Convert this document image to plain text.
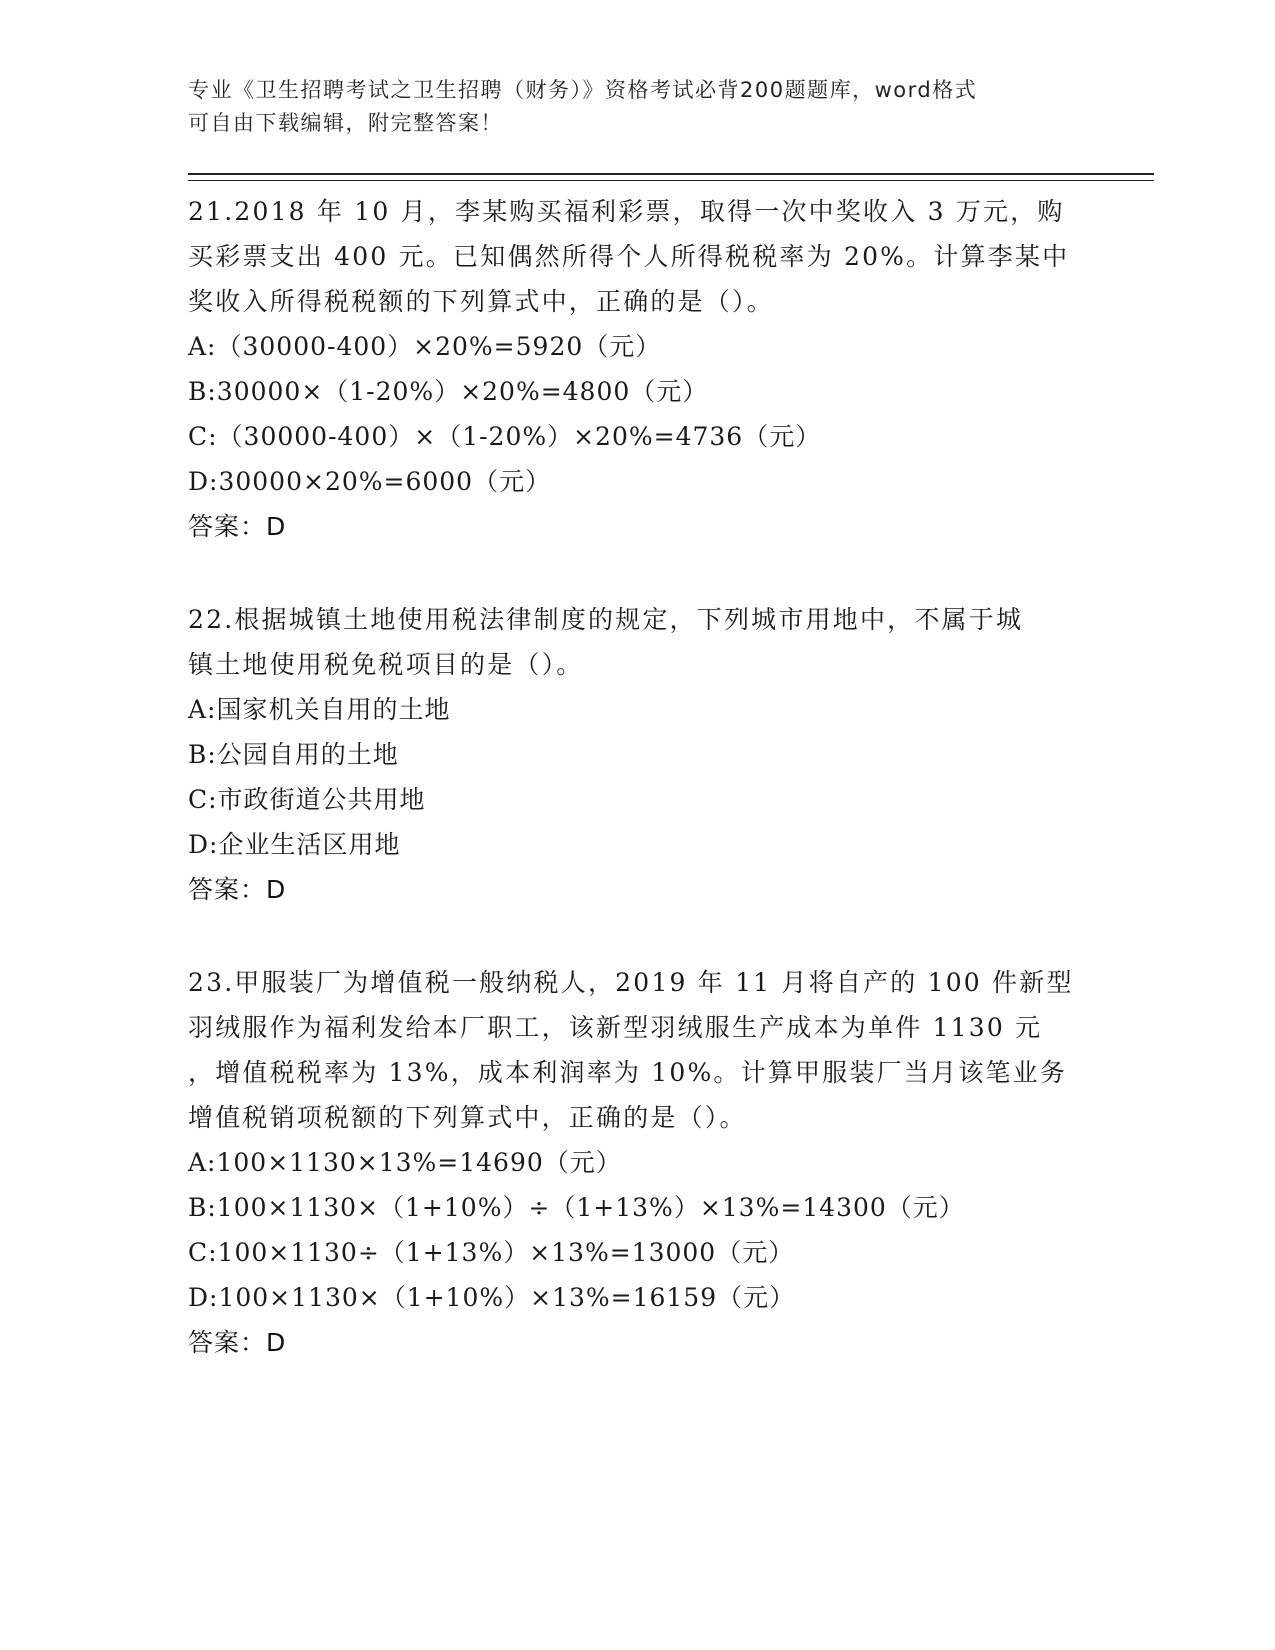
专业《卫生招聘考试之卫生招聘（财务）》资格考试必背200题题库，word格式
可自由下载编辑，附完整答案！
21.2018 年 10 月，李某购买福利彩票，取得一次中奖收入 3 万元，购
买彩票支出 400 元。已知偶然所得个人所得税税率为 20%。计算李某中
奖收入所得税税额的下列算式中，正确的是（）。
A:（30000-400）×20%=5920（元）
B:30000×（1-20%）×20%=4800（元）
C:（30000-400）×（1-20%）×20%=4736（元）
D:30000×20%=6000（元）
答案：D
22.根据城镇土地使用税法律制度的规定，下列城市用地中，不属于城
镇土地使用税免税项目的是（）。
A:国家机关自用的土地
B:公园自用的土地
C:市政街道公共用地
D:企业生活区用地
答案：D
23.甲服装厂为增值税一般纳税人，2019 年 11 月将自产的 100 件新型
羽绒服作为福利发给本厂职工，该新型羽绒服生产成本为单件 1130 元
，增值税税率为 13%，成本利润率为 10%。计算甲服装厂当月该笔业务
增值税销项税额的下列算式中，正确的是（）。
A:100×1130×13%=14690（元）
B:100×1130×（1+10%）÷（1+13%）×13%=14300（元）
C:100×1130÷（1+13%）×13%=13000（元）
D:100×1130×（1+10%）×13%=16159（元）
答案：D
